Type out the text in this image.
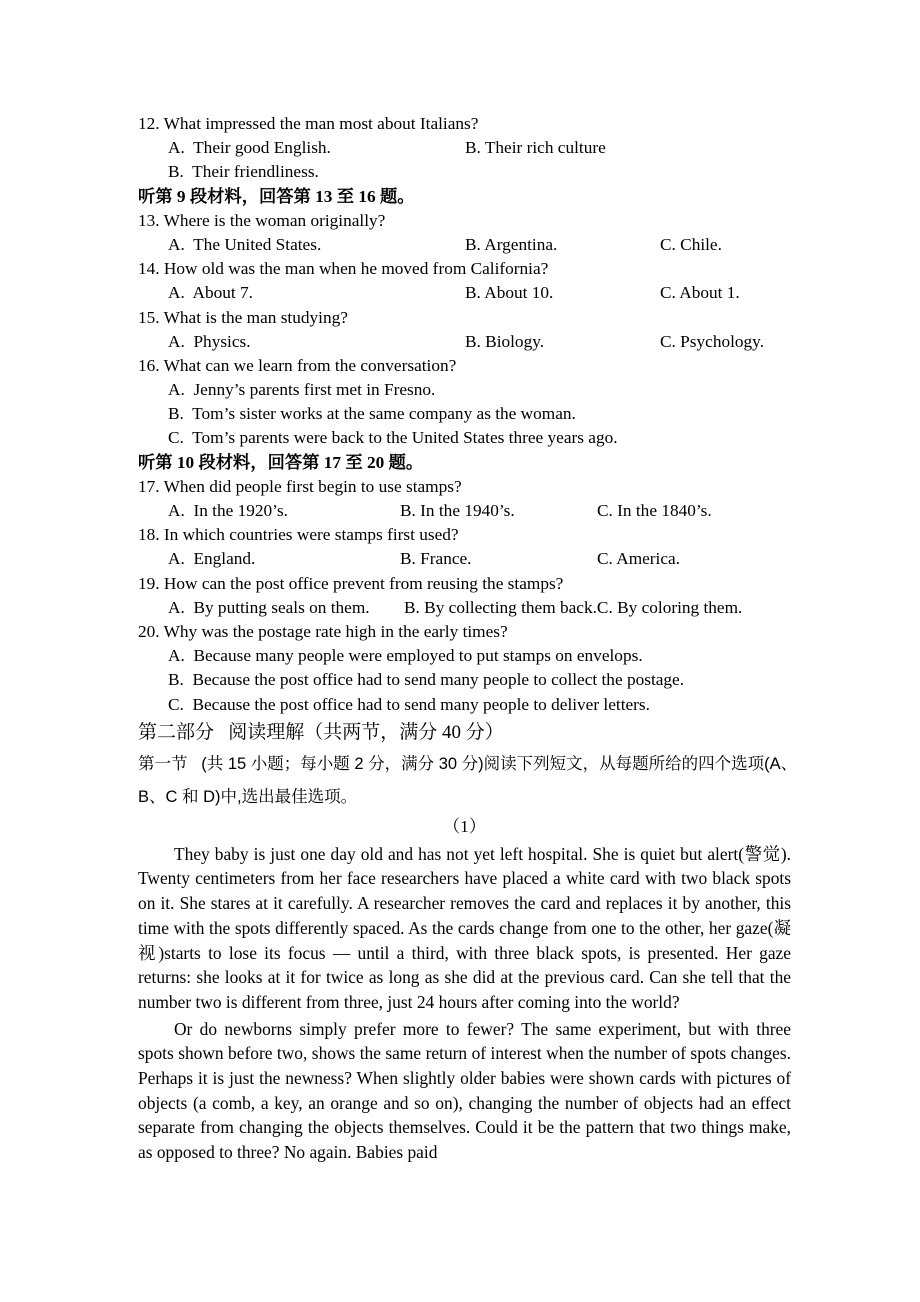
12. What impressed the man most about Italians?

A.  Their good English.

	B. Their rich culture

B.  Their friendliness.

听第 9 段材料，回答第 13 至 16 题。
13. Where is the woman originally?

A.  The United States.

	B. Argentina.

	C. Chile.

14. How old was the man when he moved from California?

A.  About 7.

	B. About 10.

	C. About 1.

15. What is the man studying?

A.  Physics.

	B. Biology.

	C. Psychology.

16. What can we learn from the conversation?

A.  Jenny’s parents first met in Fresno.

B.  Tom’s sister works at the same company as the woman.

C.  Tom’s parents were back to the United States three years ago.

听第 10 段材料，回答第 17 至 20 题。
17. When did people first begin to use stamps?

A.  In the 1920’s.

	B. In the 1940’s.

	C. In the 1840’s.

18. In which countries were stamps first used?

A.  England.

	B. France.

	C. America.

19. How can the post office prevent from reusing the stamps?

A.  By putting seals on them.

B. By collecting them back.C. By coloring them.

20. Why was the postage rate high in the early times?

A.  Because many people were employed to put stamps on envelops.

B.  Because the post office had to send many people to collect the postage.

C.  Because the post office had to send many people to deliver letters.

第二部分   阅读理解（共两节，满分 40 分）
第一节   (共 15 小题；每小题 2 分，满分 30 分)阅读下列短文，从每题所给的四个选项(A、
B、C 和 D)中,选出最佳选项。
（1）

They baby is just one day old and has not yet left hospital. She is quiet but alert(警觉). Twenty centimeters from her face researchers have placed a white card with two black spots on it. She stares at it carefully. A researcher removes the card and replaces it by another, this time with the spots differently spaced. As the cards change from one to the other, her gaze(凝视)starts to lose its focus — until a third, with three black spots, is presented. Her gaze returns: she looks at it for twice as long as she did at the previous card. Can she tell that the number two is different from three, just 24 hours after coming into the world?

Or do newborns simply prefer more to fewer? The same experiment, but with three spots shown before two, shows the same return of interest when the number of spots changes. Perhaps it is just the newness? When slightly older babies were shown cards with pictures of objects (a comb, a key, an orange and so on), changing the number of objects had an effect separate from changing the objects themselves. Could it be the pattern that two things make, as opposed to three? No again. Babies paid
